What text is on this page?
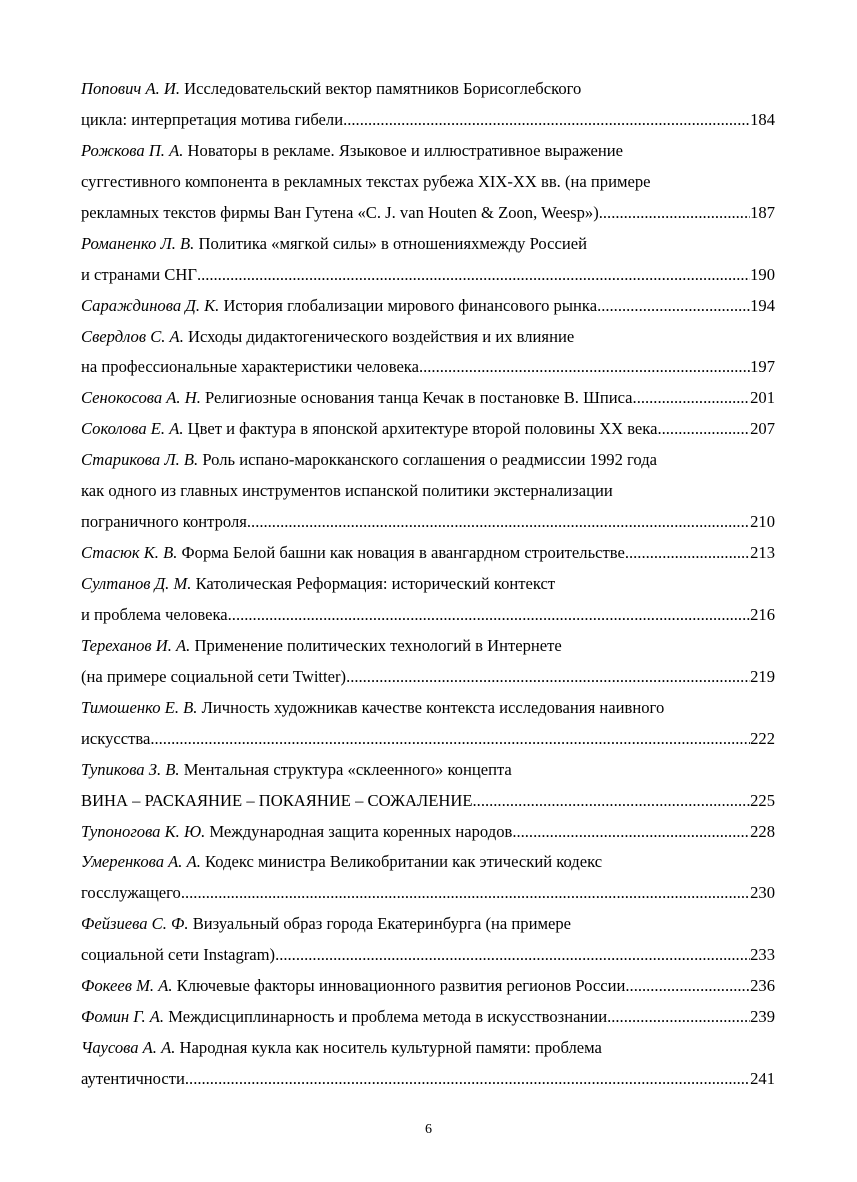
Попович А. И.
Исследовательский вектор памятников Борисоглебского
цикла: интерпретация мотива гибели .....	184
Рожкова П. А.
Новаторы в рекламе. Языковое и иллюстративное выражение
суггестивного компонента в рекламных текстах рубежа XIX-XX вв. (на примере
рекламных текстов фирмы Ван Гутена «C. J. van Houten & Zoon, Weesp») .....	187
Романенко Л. В.
Политика «мягкой силы» в отношенияхмежду Россией
и странами СНГ .....	190
Сараждинова Д. К.
История глобализации мирового финансового рынка .....	194
Свердлов С. А.
Исходы дидактогенического воздействия и их влияние
на профессиональные характеристики человека .....	197
Сенокосова А. Н.
Религиозные основания танца Кечак в постановке В. Шписа .....	201
Соколова Е. А.
Цвет и фактура в японской архитектуре второй половины XX века .....	207
Старикова Л. В.
Роль испано-марокканского соглашения о реадмиссии 1992 года
как одного из главных инструментов испанской политики экстернализации
пограничного контроля .....	210
Стасюк К. В.
Форма Белой башни как новация в авангардном строительстве .....	213
Султанов Д. М.
Католическая Реформация: исторический контекст
и проблема человека .....	216
Тереханов И. А.
Применение политических технологий в Интернете
(на примере социальной сети Twitter) .....	219
Тимошенко Е. В.
Личность художникав качестве контекста исследования наивного
искусства .....	222
Тупикова З. В.
Ментальная структура «склеенного» концепта
ВИНА – РАСКАЯНИЕ – ПОКАЯНИЕ – СОЖАЛЕНИЕ .....	225
Тупоногова К. Ю.
Международная защита коренных народов .....	228
Умеренкова А. А.
Кодекс министра Великобритании как этический кодекс
госслужащего .....	230
Фейзиева С. Ф.
Визуальный образ города Екатеринбурга (на примере
социальной сети Instagram) .....	233
Фокеев М. А.
Ключевые факторы инновационного развития регионов России .....	236
Фомин Г. А.
Междисциплинарность и проблема метода в искусствознании .....	239
Чаусова А. А.
Народная кукла как носитель культурной памяти: проблема
аутентичности .....	241
6
